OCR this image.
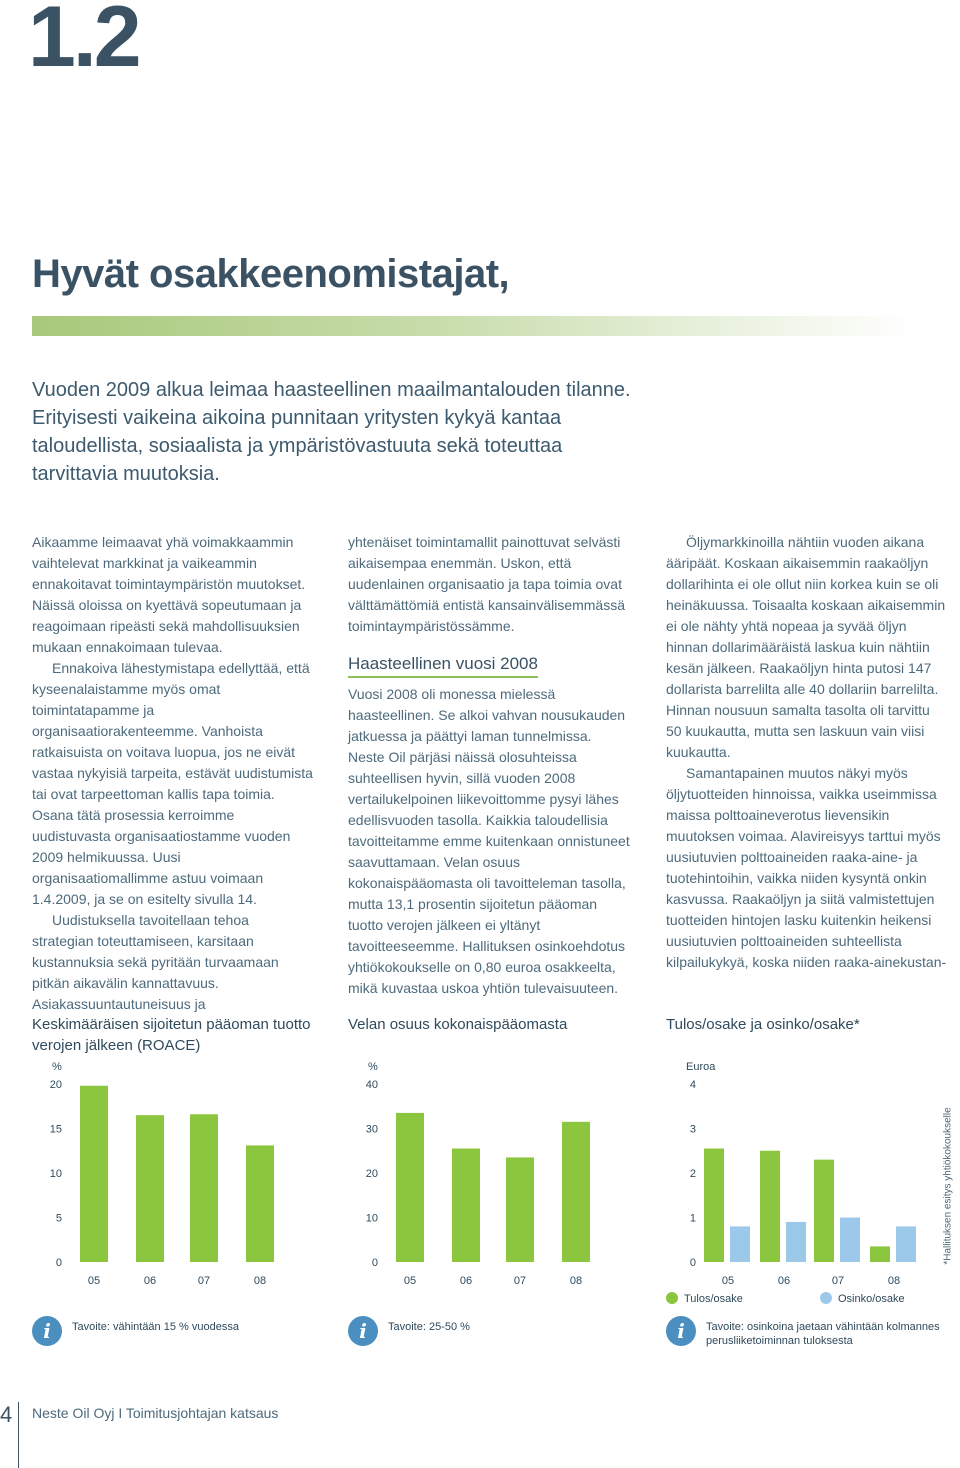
1.2
Hyvät osakkeenomistajat,
Vuoden 2009 alkua leimaa haasteellinen maailmantalouden tilanne. Erityisesti vaikeina aikoina punnitaan yritysten kykyä kantaa taloudellista, sosiaalista ja ympäristövastuuta sekä toteuttaa tarvittavia muutoksia.

Aikaamme leimaavat yhä voimakkaammin vaihtelevat markkinat ja vaikeammin ennakoitavat toimintaympäristön muutokset. Näissä oloissa on kyettävä sopeutumaan ja reagoimaan ripeästi sekä mahdollisuuksien mukaan ennakoimaan tulevaa.

Ennakoiva lähestymistapa edellyttää, että kyseenalaistamme myös omat toimintatapamme ja organisaatiorakenteemme. Vanhoista ratkaisuista on voitava luopua, jos ne eivät vastaa nykyisiä tarpeita, estävät uudistumista tai ovat tarpeettoman kallis tapa toimia. Osana tätä prosessia kerroimme uudistuvasta organisaatiostamme vuoden 2009 helmikuussa. Uusi organisaatiomallimme astuu voimaan 1.4.2009, ja se on esitelty sivulla 14.

Uudistuksella tavoitellaan tehoa strategian toteuttamiseen, karsitaan kustannuksia sekä pyritään turvaamaan pitkän aikavälin kannattavuus. Asiakassuuntautuneisuus ja

yhtenäiset toimintamallit painottuvat selvästi aikaisempaa enemmän. Uskon, että uudenlainen organisaatio ja tapa toimia ovat välttämättömiä entistä kansainvälisemmässä toimintaympäristössämme.

Haasteellinen vuosi 2008

Vuosi 2008 oli monessa mielessä haasteellinen. Se alkoi vahvan nousukauden jatkuessa ja päättyi laman tunnelmissa. Neste Oil pärjäsi näissä olosuhteissa suhteellisen hyvin, sillä vuoden 2008 vertailukelpoinen liikevoittomme pysyi lähes edellisvuoden tasolla. Kaikkia taloudellisia tavoitteitamme emme kuitenkaan onnistuneet saavuttamaan. Velan osuus kokonaispääomasta oli tavoitteleman tasolla, mutta 13,1 prosentin sijoitetun pääoman tuotto verojen jälkeen ei yltänyt tavoitteeseemme. Hallituksen osinkoehdotus yhtiökokoukselle on 0,80 euroa osakkeelta, mikä kuvastaa uskoa yhtiön tulevaisuuteen.

Öljymarkkinoilla nähtiin vuoden aikana ääripäät. Koskaan aikaisemmin raakaöljyn dollarihinta ei ole ollut niin korkea kuin se oli heinäkuussa. Toisaalta koskaan aikaisemmin ei ole nähty yhtä nopeaa ja syvää öljyn hinnan dollarimääräistä laskua kuin nähtiin kesän jälkeen. Raakaöljyn hinta putosi 147 dollarista barrelilta alle 40 dollariin barrelilta. Hinnan nousuun samalta tasolta oli tarvittu 50 kuukautta, mutta sen laskuun vain viisi kuukautta.

Samantapainen muutos näkyi myös öljytuotteiden hinnoissa, vaikka useimmissa maissa polttoaineverotus lievensikin muutoksen voimaa. Alavireisyys tarttui myös uusiutuvien polttoaineiden raaka-aine- ja tuotehintoihin, vaikka niiden kysyntä onkin kasvussa. Raakaöljyn ja siitä valmistettujen tuotteiden hintojen lasku kuitenkin heikensi uusiutuvien polttoaineiden suhteellista kilpailukykyä, koska niiden raaka-ainekustan-

Keskimääräisen sijoitetun pääoman tuotto verojen jälkeen (ROACE)
%
0
5
10
15
20
05	06	07	08
Velan osuus kokonaispääomasta
%
0
10
20
30
40
05	06	07	08
Tulos/osake ja osinko/osake*
Euroa
0
1
2
3
4
05	06	07	08
Tulos/osake	Osinko/osake
*Hallituksen esitys yhtiökokoukselle
i	Tavoite: vähintään 15 % vuodessa	i	Tavoite: 25-50 %	i	Tavoite: osinkoina jaetaan vähintään kolmannes perusliiketoiminnan tuloksesta
4 Neste Oil Oyj I Toimitusjohtajan katsaus
